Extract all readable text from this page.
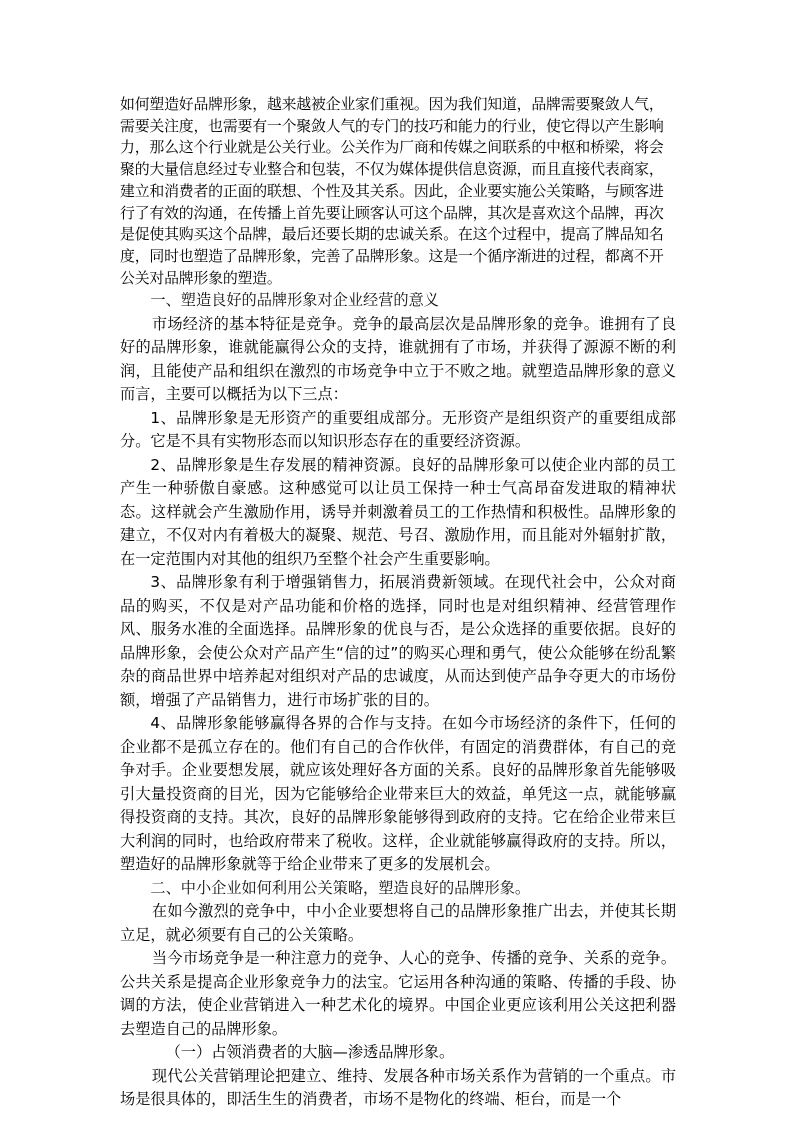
如何塑造好品牌形象，越来越被企业家们重视。因为我们知道，品牌需要聚敛人气，需要关注度，也需要有一个聚敛人气的专门的技巧和能力的行业，使它得以产生影响力，那么这个行业就是公关行业。公关作为厂商和传媒之间联系的中枢和桥梁，将会聚的大量信息经过专业整合和包装，不仅为媒体提供信息资源，而且直接代表商家，建立和消费者的正面的联想、个性及其关系。因此，企业要实施公关策略，与顾客进行了有效的沟通，在传播上首先要让顾客认可这个品牌，其次是喜欢这个品牌，再次是促使其购买这个品牌，最后还要长期的忠诚关系。在这个过程中，提高了牌品知名度，同时也塑造了品牌形象，完善了品牌形象。这是一个循序渐进的过程，都离不开公关对品牌形象的塑造。

一、塑造良好的品牌形象对企业经营的意义

市场经济的基本特征是竞争。竞争的最高层次是品牌形象的竞争。谁拥有了良好的品牌形象，谁就能赢得公众的支持，谁就拥有了市场，并获得了源源不断的利润，且能使产品和组织在激烈的市场竞争中立于不败之地。就塑造品牌形象的意义而言，主要可以概括为以下三点：

1、品牌形象是无形资产的重要组成部分。无形资产是组织资产的重要组成部分。它是不具有实物形态而以知识形态存在的重要经济资源。

2、品牌形象是生存发展的精神资源。良好的品牌形象可以使企业内部的员工产生一种骄傲自豪感。这种感觉可以让员工保持一种士气高昂奋发进取的精神状态。这样就会产生激励作用，诱导并刺激着员工的工作热情和积极性。品牌形象的建立，不仅对内有着极大的凝聚、规范、号召、激励作用，而且能对外辐射扩散，在一定范围内对其他的组织乃至整个社会产生重要影响。

3、品牌形象有利于增强销售力，拓展消费新领域。在现代社会中，公众对商品的购买，不仅是对产品功能和价格的选择，同时也是对组织精神、经营管理作风、服务水准的全面选择。品牌形象的优良与否，是公众选择的重要依据。良好的品牌形象，会使公众对产品产生“信的过”的购买心理和勇气，使公众能够在纷乱繁杂的商品世界中培养起对组织对产品的忠诚度，从而达到使产品争夺更大的市场份额，增强了产品销售力，进行市场扩张的目的。

4、品牌形象能够赢得各界的合作与支持。在如今市场经济的条件下，任何的企业都不是孤立存在的。他们有自己的合作伙伴，有固定的消费群体，有自己的竞争对手。企业要想发展，就应该处理好各方面的关系。良好的品牌形象首先能够吸引大量投资商的目光，因为它能够给企业带来巨大的效益，单凭这一点，就能够赢得投资商的支持。其次，良好的品牌形象能够得到政府的支持。它在给企业带来巨大利润的同时，也给政府带来了税收。这样，企业就能够赢得政府的支持。所以，塑造好的品牌形象就等于给企业带来了更多的发展机会。

二、中小企业如何利用公关策略，塑造良好的品牌形象。

在如今激烈的竞争中，中小企业要想将自己的品牌形象推广出去，并使其长期立足，就必须要有自己的公关策略。

当今市场竞争是一种注意力的竞争、人心的竞争、传播的竞争、关系的竞争。公共关系是提高企业形象竞争力的法宝。它运用各种沟通的策略、传播的手段、协调的方法，使企业营销进入一种艺术化的境界。中国企业更应该利用公关这把利器去塑造自己的品牌形象。

（一）占领消费者的大脑—渗透品牌形象。

现代公关营销理论把建立、维持、发展各种市场关系作为营销的一个重点。市场是很具体的，即活生生的消费者，市场不是物化的终端、柜台，而是一个
